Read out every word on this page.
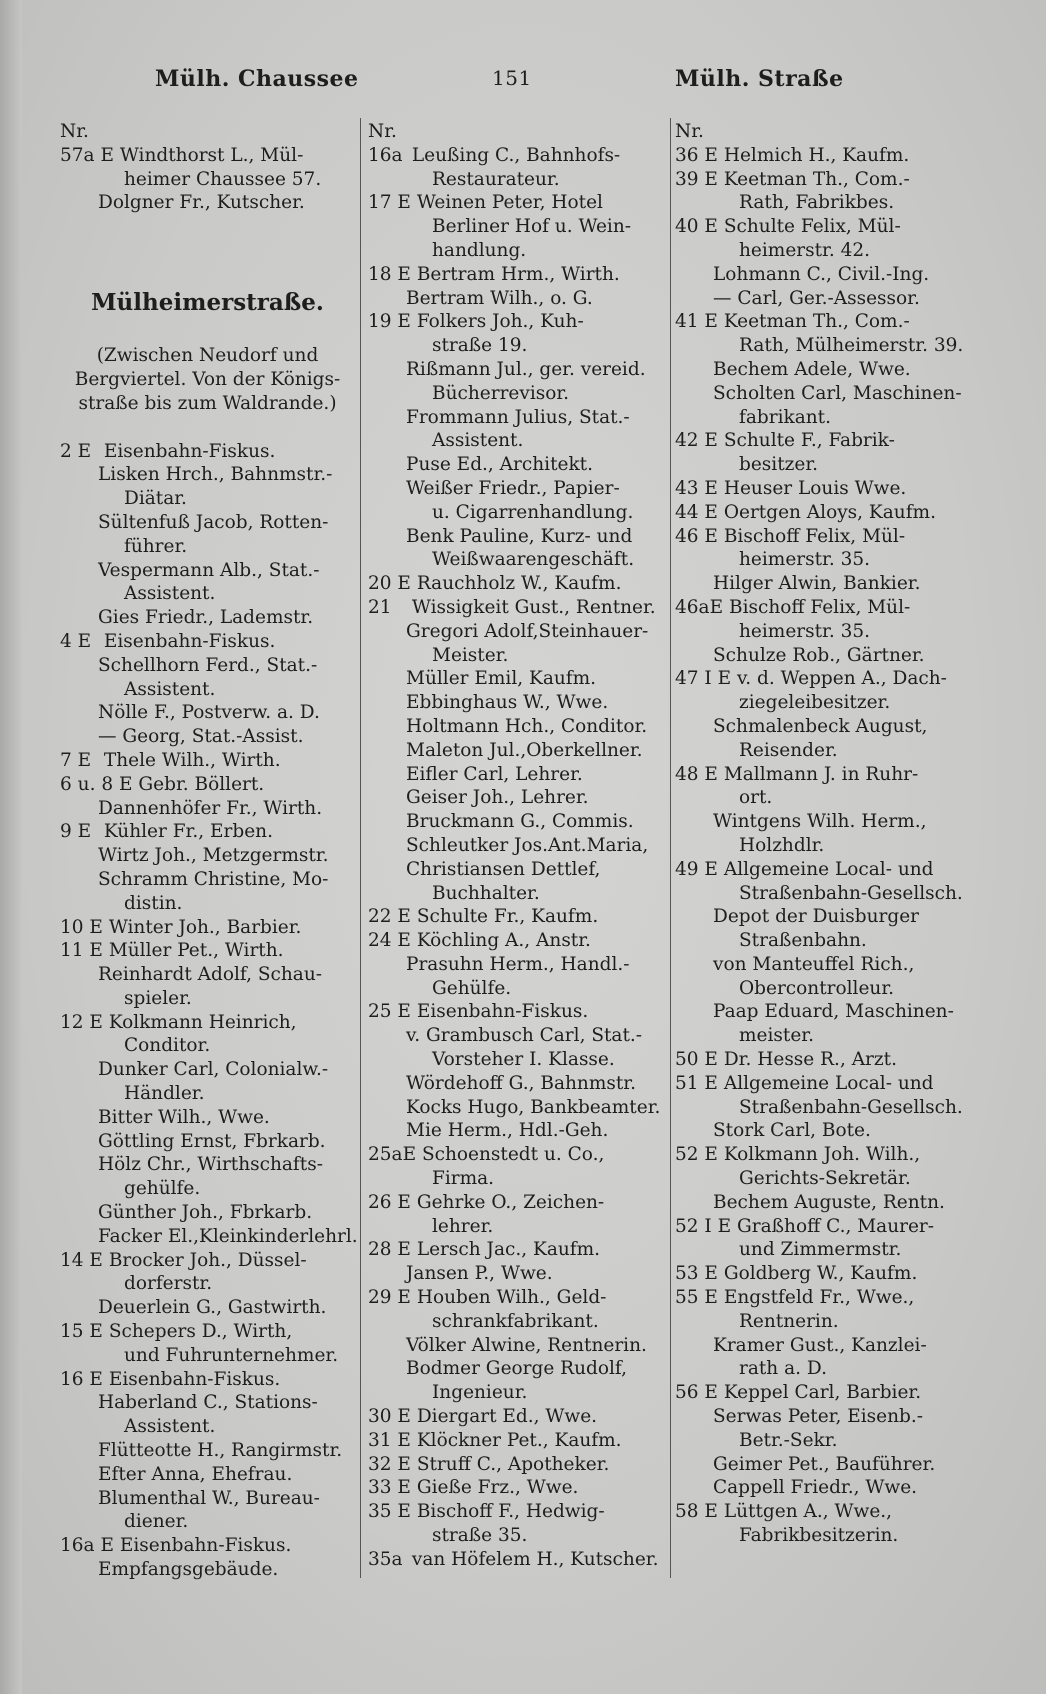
Mülh. Chaussee	151	Mülh. Straße
Nr.
57a E Windthorst L., Mül-
heimer Chaussee 57.
Dolgner Fr., Kutscher.
Mülheimerstraße.
(Zwischen Neudorf und
Bergviertel. Von der Königs-
straße bis zum Waldrande.)
2 E Eisenbahn-Fiskus.
Lisken Hrch., Bahnmstr.-
Diätar.
Sültenfuß Jacob, Rotten-
führer.
Vespermann Alb., Stat.-
Assistent.
Gies Friedr., Lademstr.
4 E Eisenbahn-Fiskus.
Schellhorn Ferd., Stat.-
Assistent.
Nölle F., Postverw. a. D.
— Georg, Stat.-Assist.
7 E Thele Wilh., Wirth.
6 u. 8 E Gebr. Böllert.
Dannenhöfer Fr., Wirth.
9 E Kühler Fr., Erben.
Wirtz Joh., Metzgermstr.
Schramm Christine, Mo-
distin.
10 E Winter Joh., Barbier.
11 E Müller Pet., Wirth.
Reinhardt Adolf, Schau-
spieler.
12 E Kolkmann Heinrich,
Conditor.
Dunker Carl, Colonialw.-
Händler.
Bitter Wilh., Wwe.
Göttling Ernst, Fbrkarb.
Hölz Chr., Wirthschafts-
gehülfe.
Günther Joh., Fbrkarb.
Facker El.,Kleinkinderlehrl.
14 E Brocker Joh., Düssel-
dorferstr.
Deuerlein G., Gastwirth.
15 E Schepers D., Wirth,
und Fuhrunternehmer.
16 E Eisenbahn-Fiskus.
Haberland C., Stations-
Assistent.
Flütteotte H., Rangirmstr.
Efter Anna, Ehefrau.
Blumenthal W., Bureau-
diener.
16a E Eisenbahn-Fiskus.
Empfangsgebäude.
Nr.
16a Leußing C., Bahnhofs-
Restaurateur.
17 E Weinen Peter, Hotel
Berliner Hof u. Wein-
handlung.
18 E Bertram Hrm., Wirth.
Bertram Wilh., o. G.
19 E Folkers Joh., Kuh-
straße 19.
Rißmann Jul., ger. vereid.
Bücherrevisor.
Frommann Julius, Stat.-
Assistent.
Puse Ed., Architekt.
Weißer Friedr., Papier-
u. Cigarrenhandlung.
Benk Pauline, Kurz- und
Weißwaarengeschäft.
20 E Rauchholz W., Kaufm.
21 Wissigkeit Gust., Rentner.
Gregori Adolf,Steinhauer-
Meister.
Müller Emil, Kaufm.
Ebbinghaus W., Wwe.
Holtmann Hch., Conditor.
Maleton Jul.,Oberkellner.
Eifler Carl, Lehrer.
Geiser Joh., Lehrer.
Bruckmann G., Commis.
Schleutker Jos.Ant.Maria,
Christiansen Dettlef,
Buchhalter.
22 E Schulte Fr., Kaufm.
24 E Köchling A., Anstr.
Prasuhn Herm., Handl.-
Gehülfe.
25 E Eisenbahn-Fiskus.
v. Grambusch Carl, Stat.-
Vorsteher I. Klasse.
Wördehoff G., Bahnmstr.
Kocks Hugo, Bankbeamter.
Mie Herm., Hdl.-Geh.
25aE Schoenstedt u. Co.,
Firma.
26 E Gehrke O., Zeichen-
lehrer.
28 E Lersch Jac., Kaufm.
Jansen P., Wwe.
29 E Houben Wilh., Geld-
schrankfabrikant.
Völker Alwine, Rentnerin.
Bodmer George Rudolf,
Ingenieur.
30 E Diergart Ed., Wwe.
31 E Klöckner Pet., Kaufm.
32 E Struff C., Apotheker.
33 E Gieße Frz., Wwe.
35 E Bischoff F., Hedwig-
straße 35.
35a van Höfelem H., Kutscher.
Nr.
36 E Helmich H., Kaufm.
39 E Keetman Th., Com.-
Rath, Fabrikbes.
40 E Schulte Felix, Mül-
heimerstr. 42.
Lohmann C., Civil.-Ing.
— Carl, Ger.-Assessor.
41 E Keetman Th., Com.-
Rath, Mülheimerstr. 39.
Bechem Adele, Wwe.
Scholten Carl, Maschinen-
fabrikant.
42 E Schulte F., Fabrik-
besitzer.
43 E Heuser Louis Wwe.
44 E Oertgen Aloys, Kaufm.
46 E Bischoff Felix, Mül-
heimerstr. 35.
Hilger Alwin, Bankier.
46aE Bischoff Felix, Mül-
heimerstr. 35.
Schulze Rob., Gärtner.
47 I E v. d. Weppen A., Dach-
ziegeleibesitzer.
Schmalenbeck August,
Reisender.
48 E Mallmann J. in Ruhr-
ort.
Wintgens Wilh. Herm.,
Holzhdlr.
49 E Allgemeine Local- und
Straßenbahn-Gesellsch.
Depot der Duisburger
Straßenbahn.
von Manteuffel Rich.,
Obercontrolleur.
Paap Eduard, Maschinen-
meister.
50 E Dr. Hesse R., Arzt.
51 E Allgemeine Local- und
Straßenbahn-Gesellsch.
Stork Carl, Bote.
52 E Kolkmann Joh. Wilh.,
Gerichts-Sekretär.
Bechem Auguste, Rentn.
52 I E Graßhoff C., Maurer-
und Zimmermstr.
53 E Goldberg W., Kaufm.
55 E Engstfeld Fr., Wwe.,
Rentnerin.
Kramer Gust., Kanzlei-
rath a. D.
56 E Keppel Carl, Barbier.
Serwas Peter, Eisenb.-
Betr.-Sekr.
Geimer Pet., Bauführer.
Cappell Friedr., Wwe.
58 E Lüttgen A., Wwe.,
Fabrikbesitzerin.
